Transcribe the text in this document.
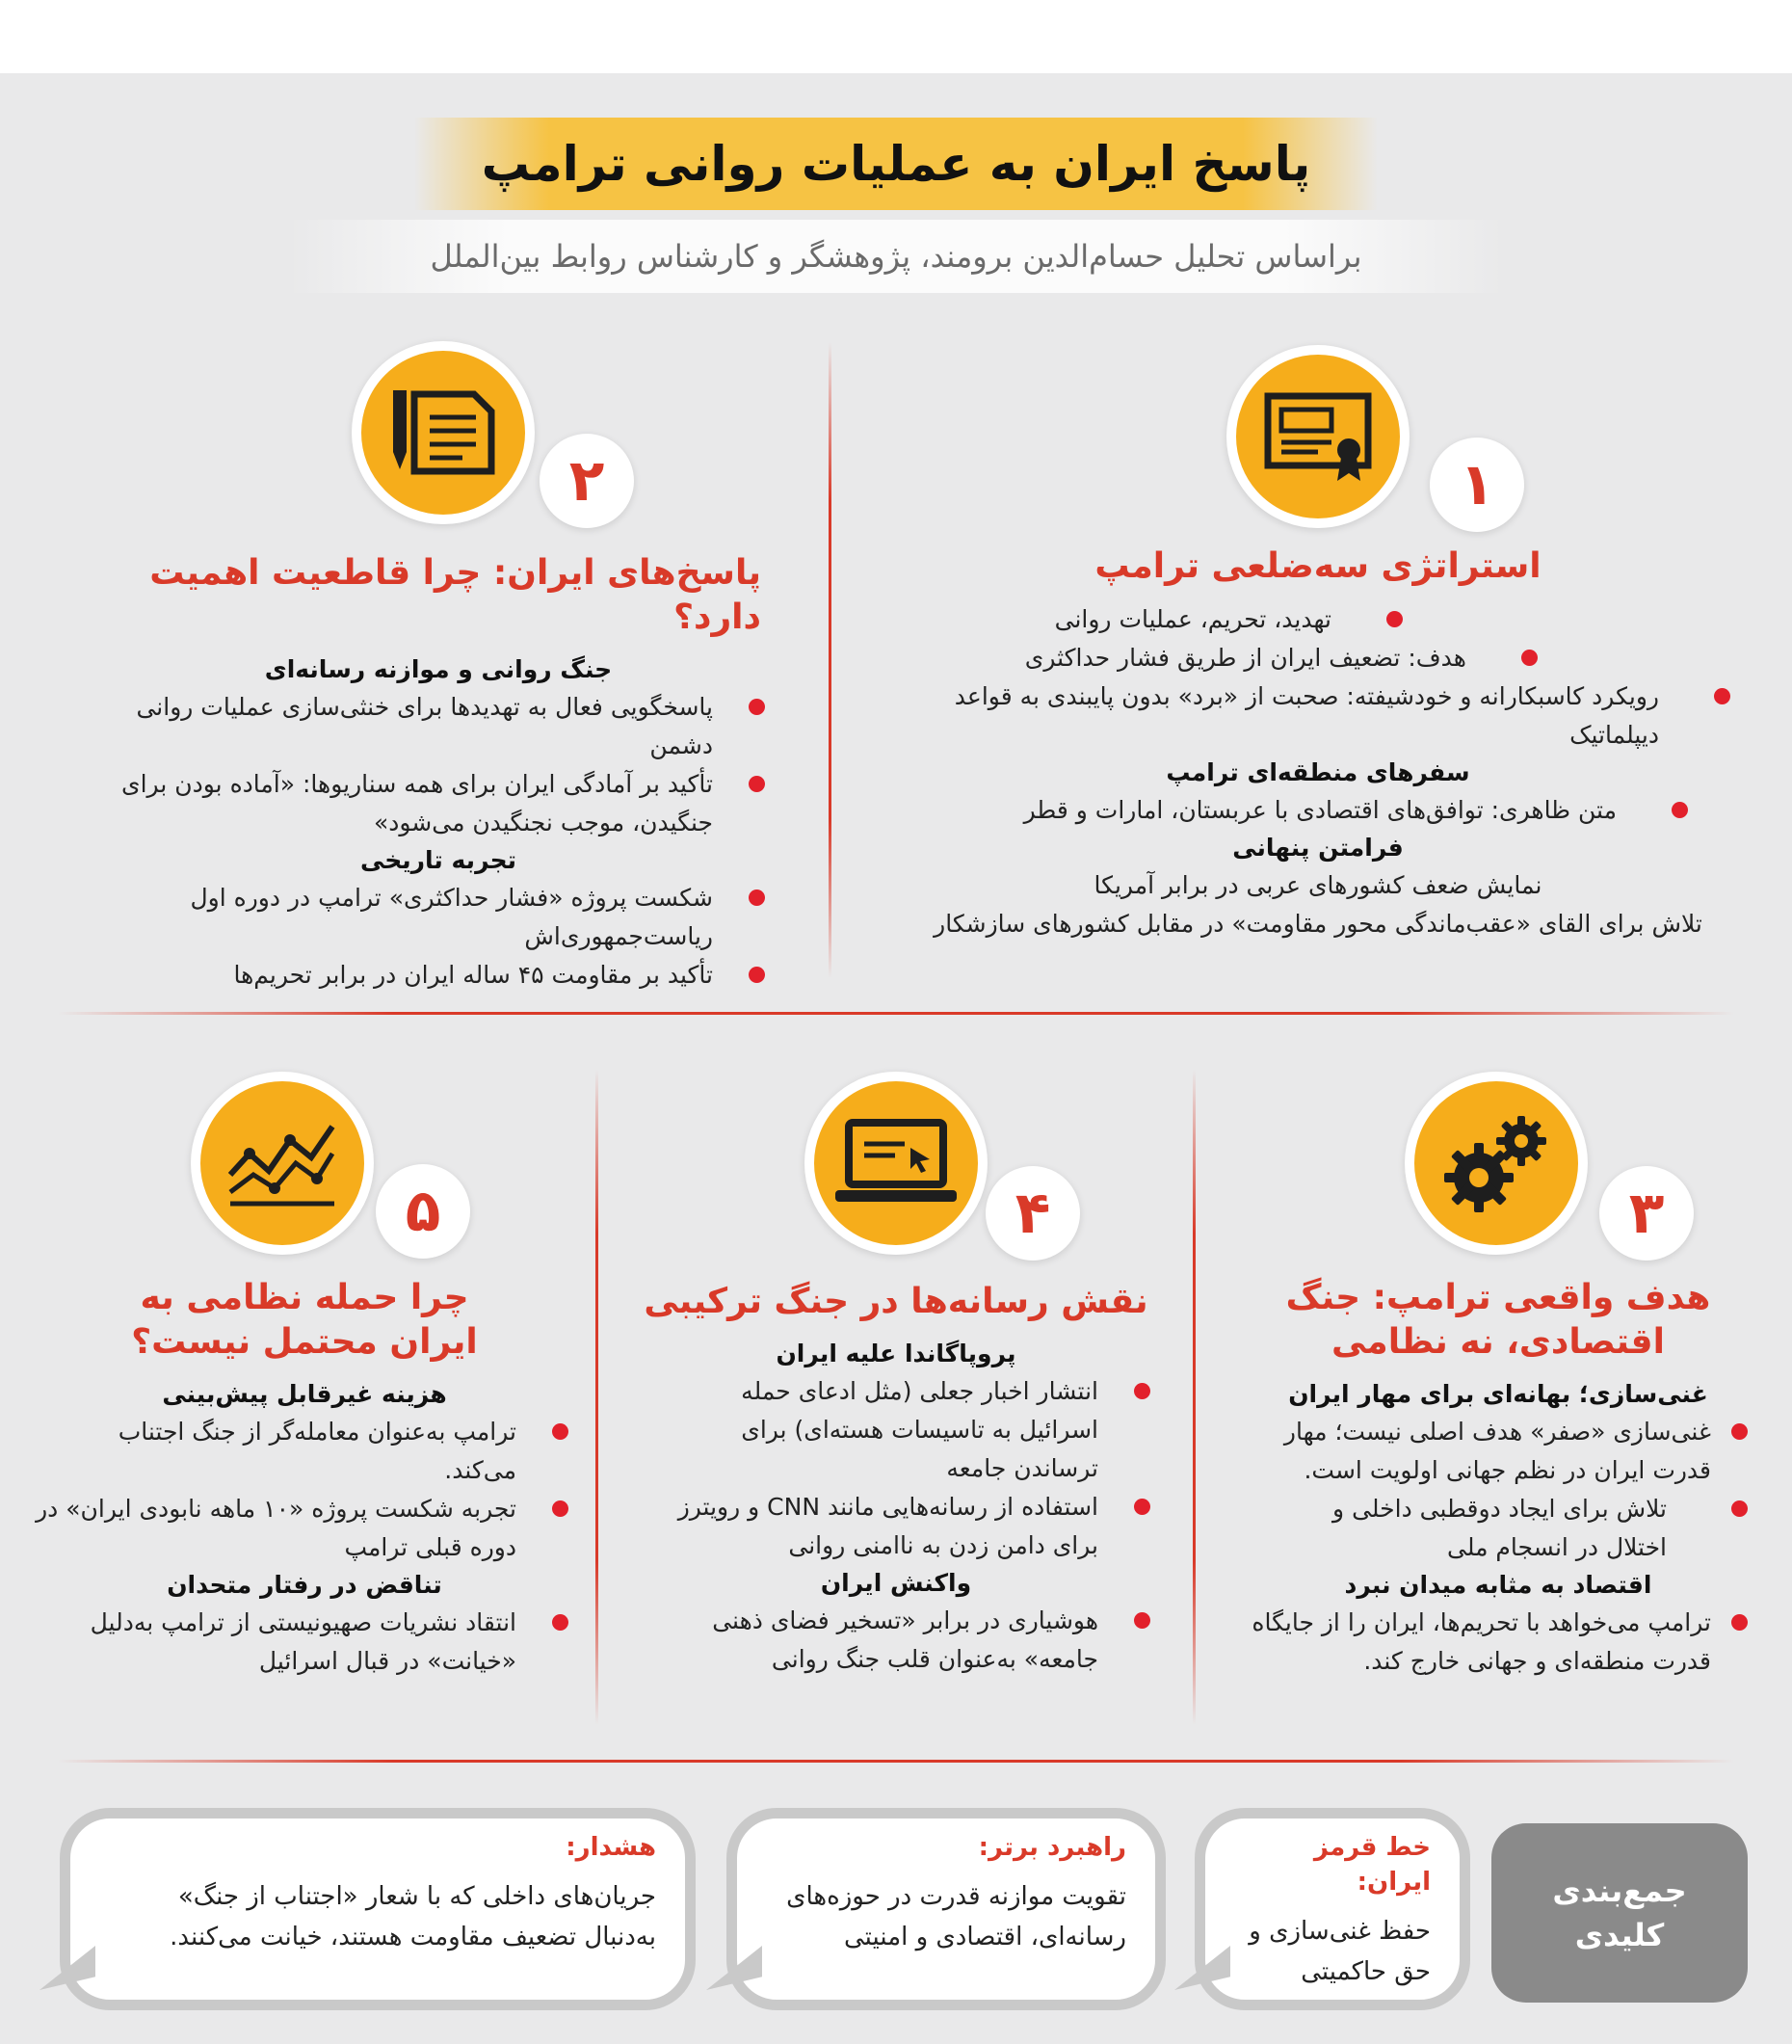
پاسخ ایران به عملیات روانی ترامپ

براساس تحلیل حسام‌الدین برومند، پژوهشگر و کارشناس روابط بین‌الملل

۱
استراتژی سه‌ضلعی ترامپ
تهدید، تحریم، عملیات روانی
هدف: تضعیف ایران از طریق فشار حداکثری
رویکرد کاسبکارانه و خودشیفته: صحبت از «برد» بدون پایبندی به قواعد دیپلماتیک
سفرهای منطقه‌ای ترامپ
متن ظاهری: توافق‌های اقتصادی با عربستان، امارات و قطر
فرامتن پنهانی
نمایش ضعف کشورهای عربی در برابر آمریکا
تلاش برای القای «عقب‌ماندگی محور مقاومت» در مقابل کشورهای سازشکار
۲
پاسخ‌های ایران: چرا قاطعیت اهمیت دارد؟
جنگ روانی و موازنه رسانه‌ای
پاسخگویی فعال به تهدیدها برای خنثی‌سازی عملیات روانی دشمن
تأکید بر آمادگی ایران برای همه سناریوها: «آماده بودن برای جنگیدن، موجب نجنگیدن می‌شود»
تجربه تاریخی
شکست پروژه «فشار حداکثری» ترامپ در دوره اول ریاست‌جمهوری‌اش
تأکید بر مقاومت ۴۵ ساله ایران در برابر تحریم‌ها
۳
هدف واقعی ترامپ: جنگ اقتصادی، نه نظامی
غنی‌سازی؛ بهانه‌ای برای مهار ایران
غنی‌سازی «صفر» هدف اصلی نیست؛ مهار قدرت ایران در نظم جهانی اولویت است.
تلاش برای ایجاد دوقطبی داخلی و اختلال در انسجام ملی
اقتصاد به مثابه میدان نبرد
ترامپ می‌خواهد با تحریم‌ها، ایران را از جایگاه قدرت منطقه‌ای و جهانی خارج کند.
۴
نقش رسانه‌ها در جنگ ترکیبی
پروپاگاندا علیه ایران
انتشار اخبار جعلی (مثل ادعای حمله اسرائیل به تاسیسات هسته‌ای) برای ترساندن جامعه
استفاده از رسانه‌هایی مانند CNN و رویترز برای دامن زدن به ناامنی روانی
واکنش ایران
هوشیاری در برابر «تسخیر فضای ذهنی جامعه» به‌عنوان قلب جنگ روانی
۵
چرا حمله نظامی به ایران محتمل نیست؟
هزینه غیرقابل پیش‌بینی
ترامپ به‌عنوان معامله‌گر از جنگ اجتناب می‌کند.
تجربه شکست پروژه «۱۰ ماهه نابودی ایران» در دوره قبلی ترامپ
تناقض در رفتار متحدان
انتقاد نشریات صهیونیستی از ترامپ به‌دلیل «خیانت» در قبال اسرائیل
جمع‌بندی کلیدی
خط قرمز ایران:

حفظ غنی‌سازی و حق حاکمیتی

راهبرد برتر:

تقویت موازنه قدرت در حوزه‌های رسانه‌ای، اقتصادی و امنیتی

هشدار:

جریان‌های داخلی که با شعار «اجتناب از جنگ» به‌دنبال تضعیف مقاومت هستند، خیانت می‌کنند.
